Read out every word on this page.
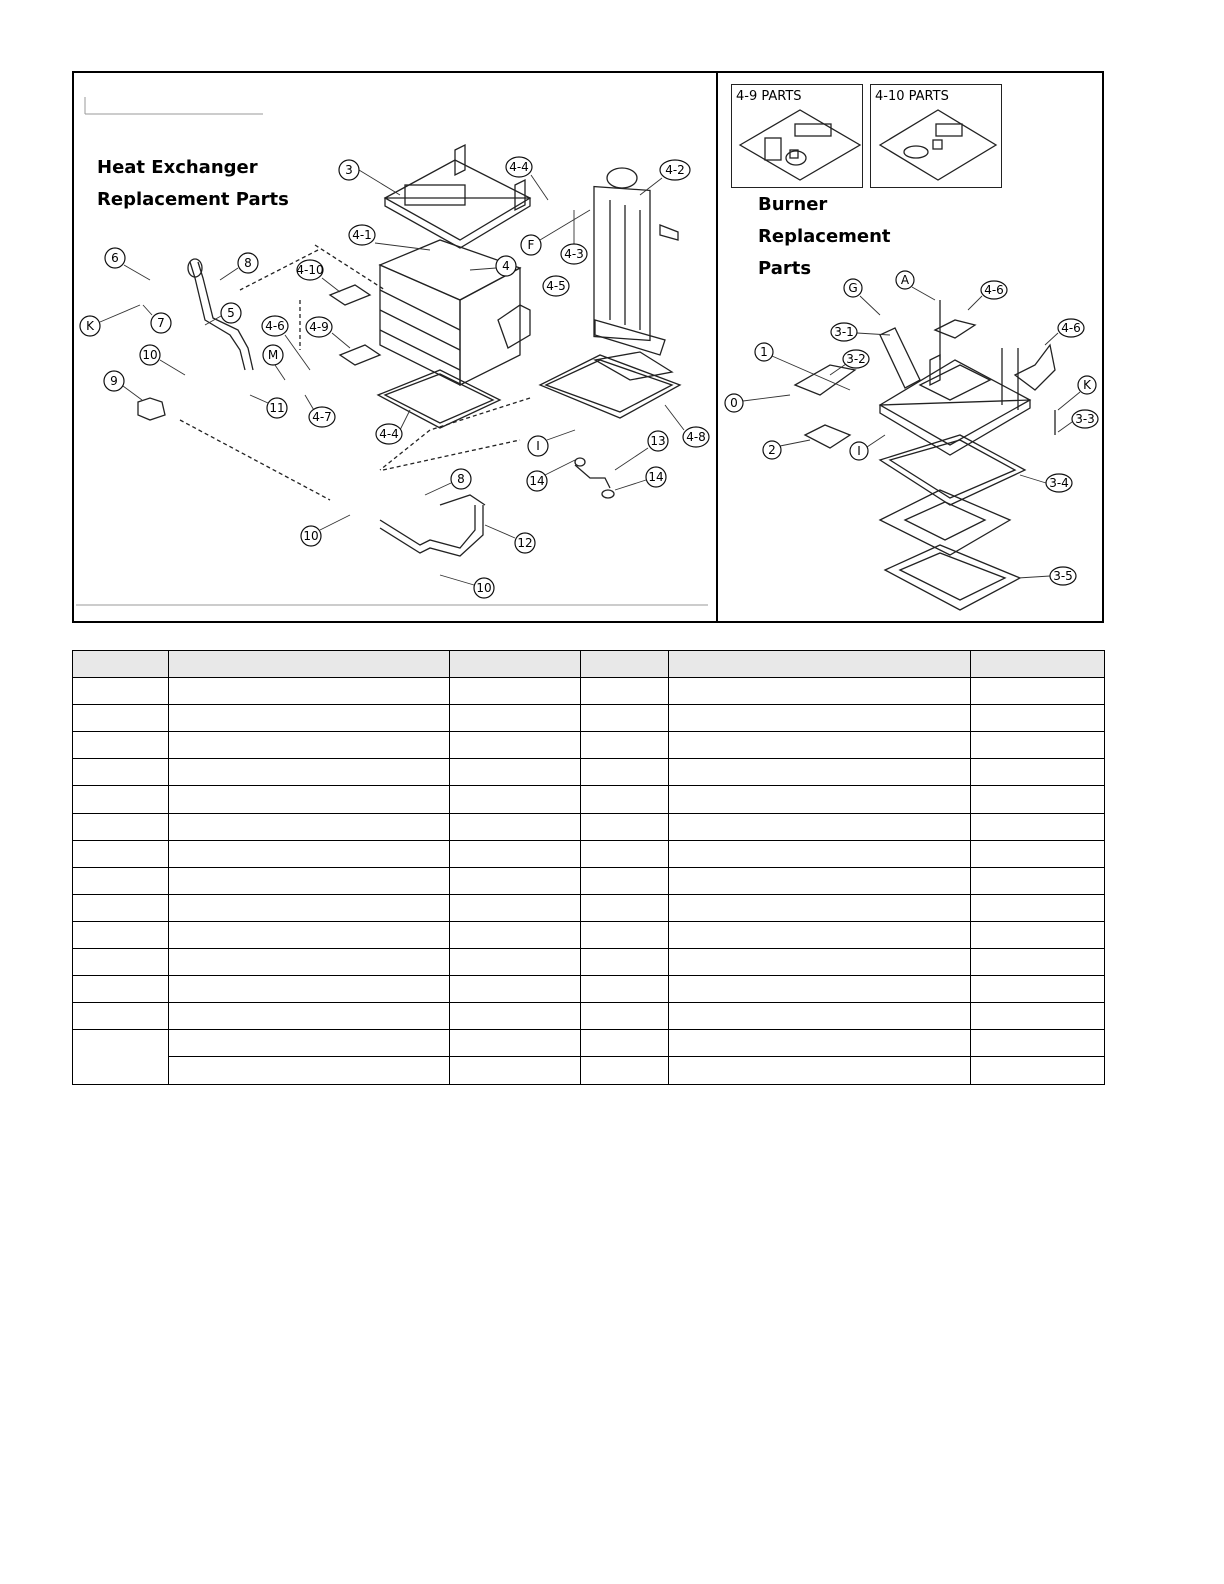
Heat Exchanger
Replacement Parts	Burner
Replacement
Parts
4-9 PARTS	4-10 PARTS
3	4-4	4-2
4-1
4
F
4-3
6	8	4-10
4-5
K	7
5
4-6 4-9
10	M
9
11
4-7
4-4
I	13 4-8
8	14	14
10	12
10
G
A
4-6
3-1	4-6
1	3-2
K
0
3-3
2	I
3-4
3-5
